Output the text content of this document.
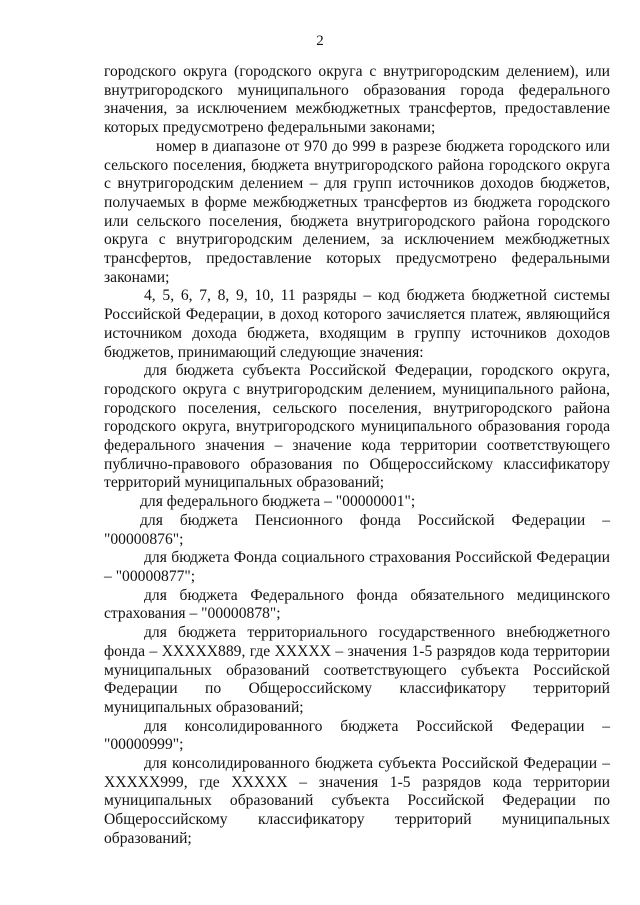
2

городского округа (городского округа с внутригородским делением), или внутригородского муниципального образования города федерального значения, за исключением межбюджетных трансфертов, предоставление которых предусмотрено федеральными законами;

номер в диапазоне от 970 до 999 в разрезе бюджета городского или сельского поселения, бюджета внутригородского района городского округа с внутригородским делением – для групп источников доходов бюджетов, получаемых в форме межбюджетных трансфертов из бюджета городского или сельского поселения, бюджета внутригородского района городского округа с внутригородским делением, за исключением межбюджетных трансфертов, предоставление которых предусмотрено федеральными законами;

4, 5, 6, 7, 8, 9, 10, 11 разряды – код бюджета бюджетной системы Российской Федерации, в доход которого зачисляется платеж, являющийся источником дохода бюджета, входящим в группу источников доходов бюджетов, принимающий следующие значения:

для бюджета субъекта Российской Федерации, городского округа, городского округа с внутригородским делением, муниципального района, городского поселения, сельского поселения, внутригородского района городского округа, внутригородского муниципального образования города федерального значения – значение кода территории соответствующего публично-правового образования по Общероссийскому классификатору территорий муниципальных образований;

для федерального бюджета – "00000001";

для бюджета Пенсионного фонда Российской Федерации – "00000876";

для бюджета Фонда социального страхования Российской Федерации – "00000877";

для бюджета Федерального фонда обязательного медицинского страхования – "00000878";

для бюджета территориального государственного внебюджетного фонда – XXXXX889, где XXXXX – значения 1-5 разрядов кода территории муниципальных образований соответствующего субъекта Российской Федерации по Общероссийскому классификатору территорий муниципальных образований;

для консолидированного бюджета Российской Федерации – "00000999";

для консолидированного бюджета субъекта Российской Федерации – XXXXX999, где XXXXX – значения 1-5 разрядов кода территории муниципальных образований субъекта Российской Федерации по Общероссийскому классификатору территорий муниципальных образований;
